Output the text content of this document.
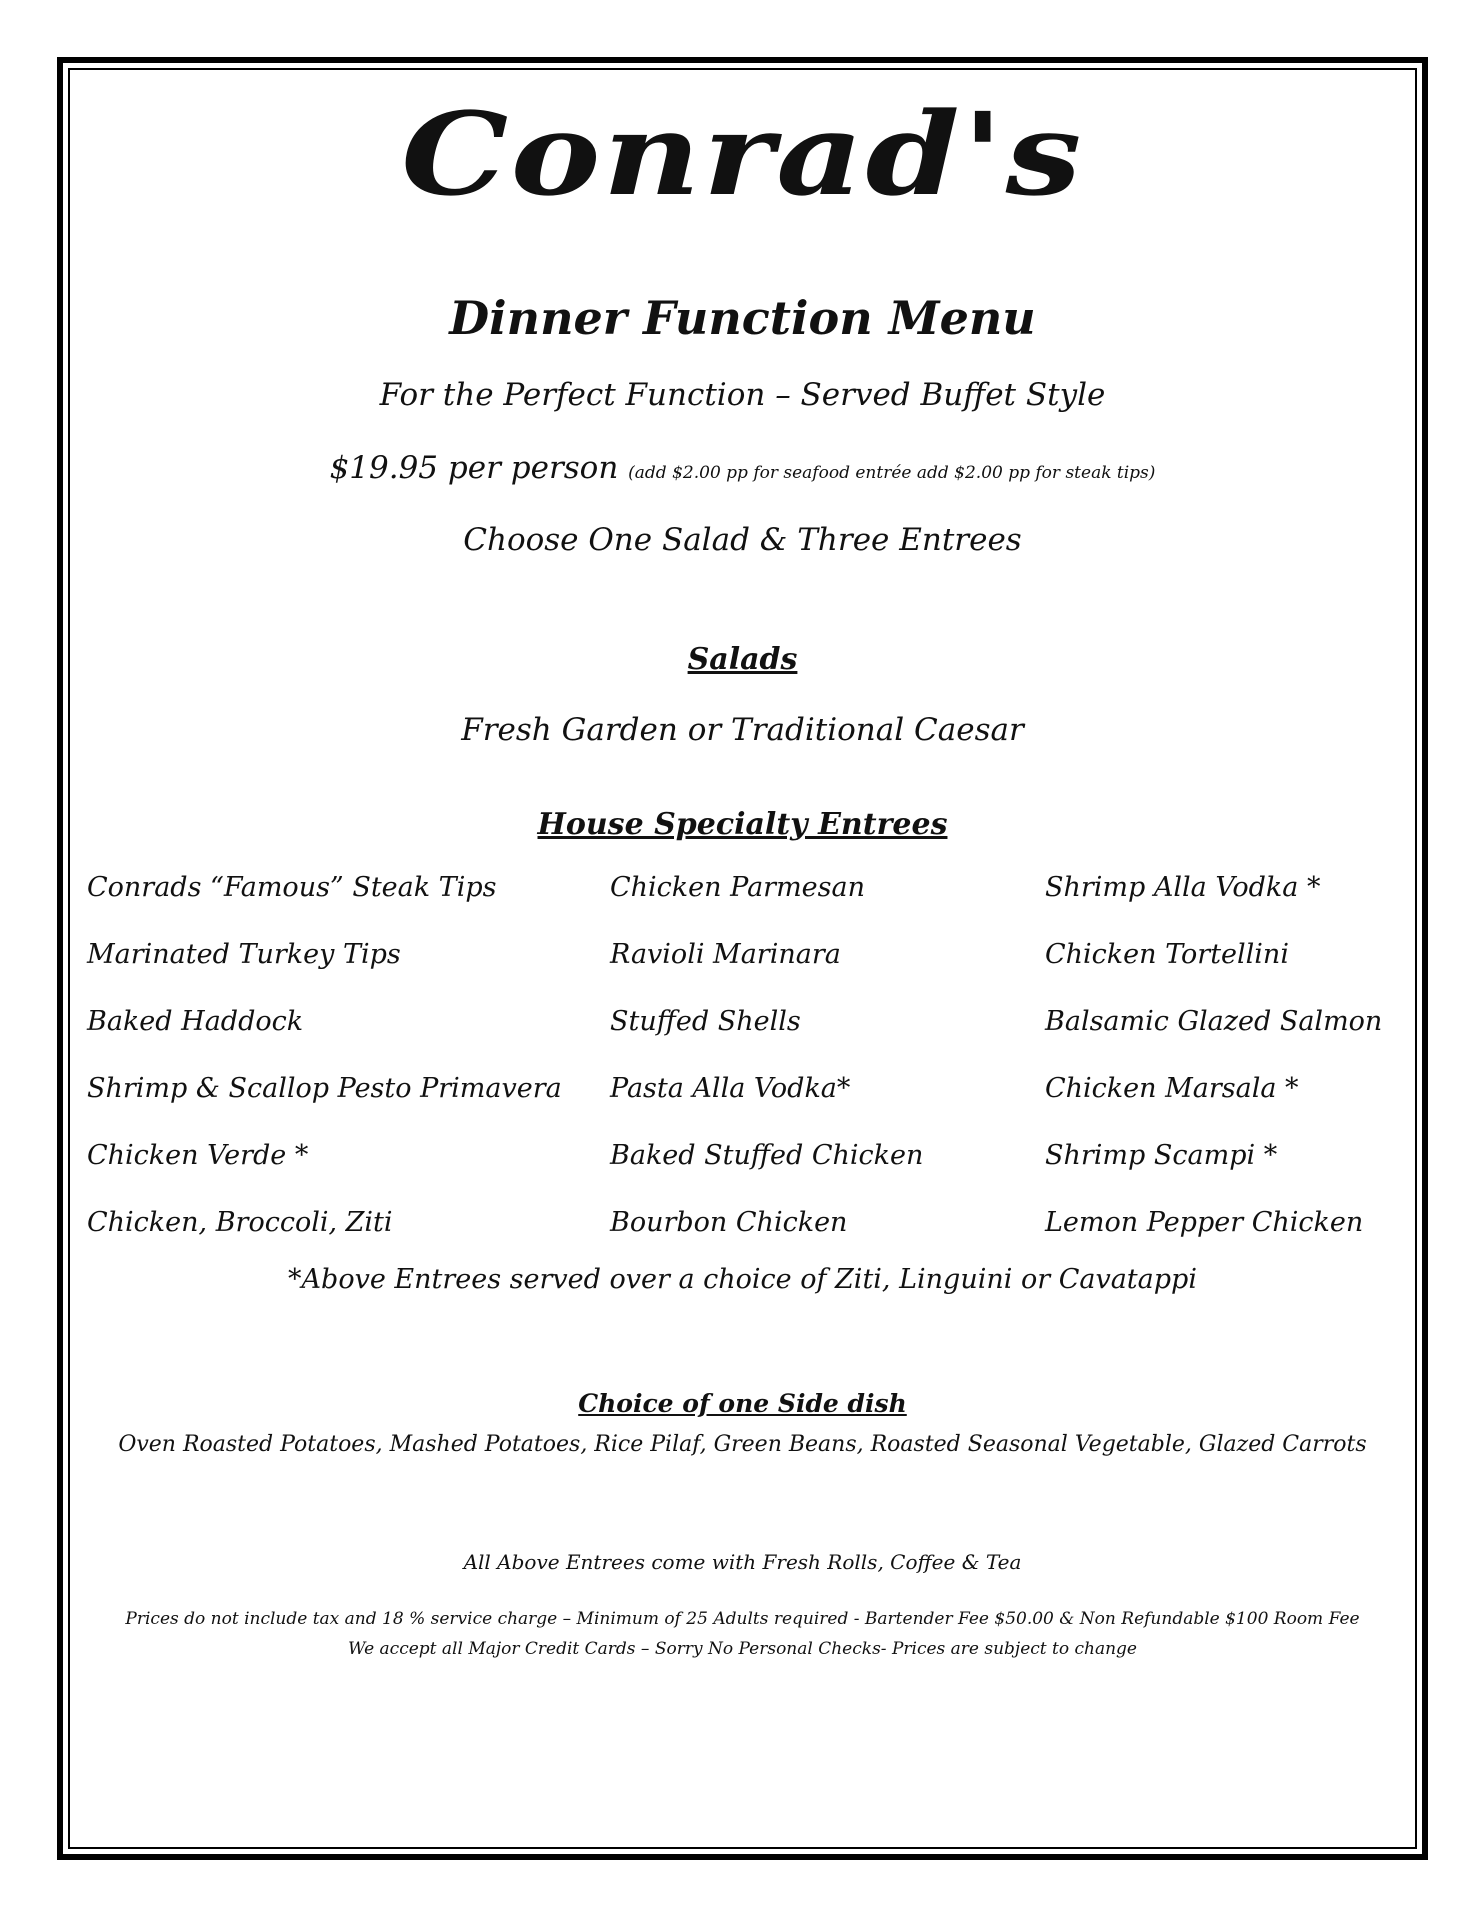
Conrad's
Dinner Function Menu
For the Perfect Function – Served Buffet Style
$19.95 per person (add $2.00 pp for seafood entrée add $2.00 pp for steak tips)
Choose One Salad & Three Entrees
Salads
Fresh Garden or Traditional Caesar
House Specialty Entrees
Conrads “Famous” Steak Tips
Marinated Turkey Tips
Baked Haddock
Shrimp & Scallop Pesto Primavera
Chicken Verde *
Chicken, Broccoli, Ziti
Chicken Parmesan
Ravioli Marinara
Stuffed Shells
Pasta Alla Vodka*
Baked Stuffed Chicken
Bourbon Chicken
Shrimp Alla Vodka *
Chicken Tortellini
Balsamic Glazed Salmon
Chicken Marsala *
Shrimp Scampi *
Lemon Pepper Chicken
*Above Entrees served over a choice of Ziti, Linguini or Cavatappi
Choice of one Side dish
Oven Roasted Potatoes, Mashed Potatoes, Rice Pilaf, Green Beans, Roasted Seasonal Vegetable, Glazed Carrots
All Above Entrees come with Fresh Rolls, Coffee & Tea
Prices do not include tax and 18 % service charge – Minimum of 25 Adults required - Bartender Fee $50.00 & Non Refundable $100 Room Fee
We accept all Major Credit Cards – Sorry No Personal Checks- Prices are subject to change
